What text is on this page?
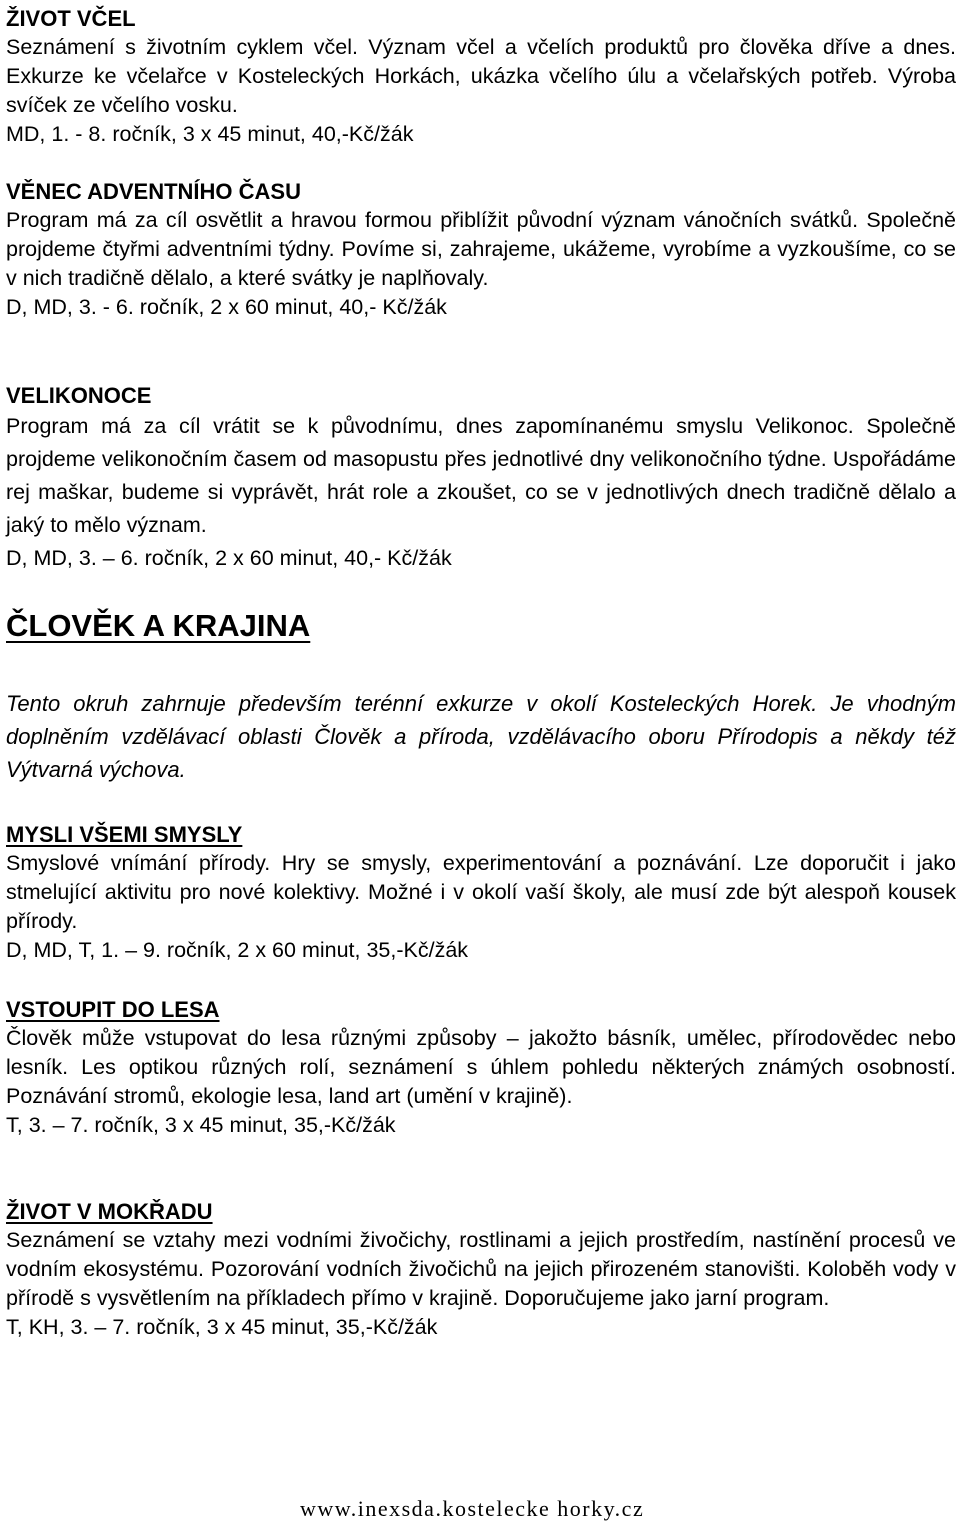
ŽIVOT VČEL
Seznámení s životním cyklem včel. Význam včel a včelích produktů pro člověka dříve a dnes. Exkurze ke včelařce v Kosteleckých Horkách, ukázka včelího úlu a včelařských potřeb. Výroba svíček ze včelího vosku.
MD, 1. - 8. ročník, 3 x 45 minut, 40,-Kč/žák
VĚNEC ADVENTNÍHO ČASU
Program má za cíl osvětlit a hravou formou přiblížit původní význam vánočních svátků. Společně projdeme čtyřmi adventními týdny. Povíme si, zahrajeme, ukážeme, vyrobíme a vyzkoušíme, co se v nich tradičně dělalo, a které svátky je naplňovaly.
D, MD, 3. - 6. ročník, 2 x 60 minut, 40,- Kč/žák
VELIKONOCE
Program má za cíl vrátit se k původnímu, dnes zapomínanému smyslu Velikonoc. Společně projdeme velikonočním časem od masopustu přes jednotlivé dny velikonočního týdne. Uspořádáme rej maškar, budeme si vyprávět, hrát role a zkoušet, co se v jednotlivých dnech tradičně dělalo a jaký to mělo význam.
D, MD, 3. – 6. ročník, 2 x 60 minut, 40,- Kč/žák
ČLOVĚK A KRAJINA
Tento okruh zahrnuje především terénní exkurze v okolí Kosteleckých Horek. Je vhodným doplněním vzdělávací oblasti Člověk a příroda, vzdělávacího oboru Přírodopis a někdy též Výtvarná výchova.
MYSLI VŠEMI SMYSLY
Smyslové vnímání přírody. Hry se smysly, experimentování a poznávání. Lze doporučit i jako stmelující aktivitu pro nové kolektivy. Možné i v okolí vaší školy, ale musí zde být alespoň kousek přírody.
D, MD, T, 1. – 9. ročník, 2 x 60 minut, 35,-Kč/žák
VSTOUPIT DO LESA
Člověk může vstupovat do lesa různými způsoby – jakožto básník, umělec, přírodovědec nebo lesník. Les optikou různých rolí, seznámení s úhlem pohledu některých známých osobností. Poznávání stromů, ekologie lesa, land art (umění v krajině).
T, 3. – 7. ročník, 3 x 45 minut, 35,-Kč/žák
ŽIVOT V MOKŘADU
Seznámení se vztahy mezi vodními živočichy, rostlinami a jejich prostředím, nastínění procesů ve vodním ekosystému. Pozorování vodních živočichů na jejich přirozeném stanovišti. Koloběh vody v přírodě s vysvětlením na příkladech přímo v krajině. Doporučujeme jako jarní program.
T, KH, 3. – 7. ročník, 3 x 45 minut, 35,-Kč/žák
www.inexsda.kostelecke horky.cz
